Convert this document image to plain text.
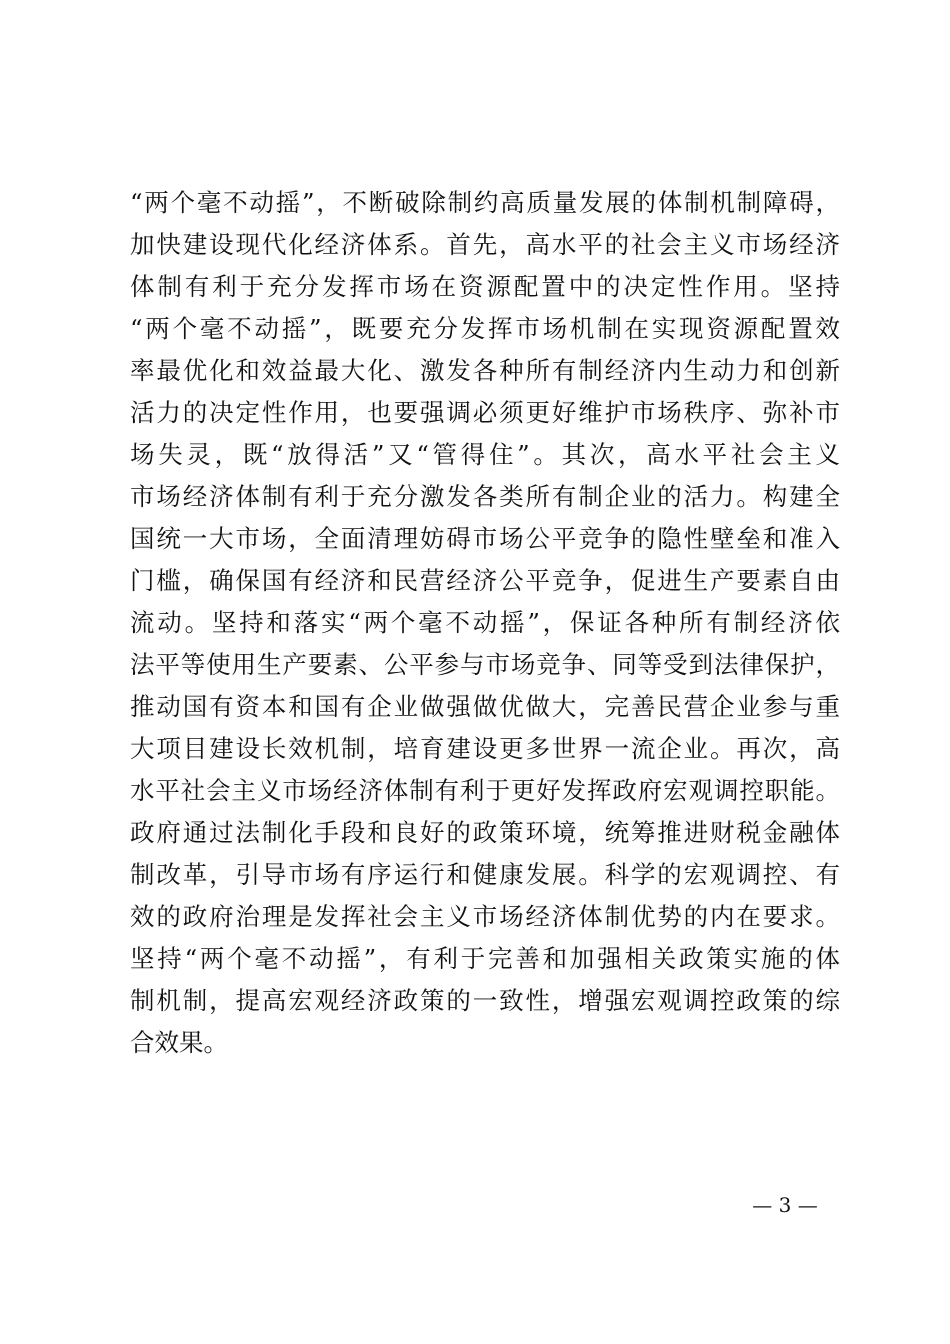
“两个毫不动摇”，不断破除制约高质量发展的体制机制障碍，
加快建设现代化经济体系。首先，高水平的社会主义市场经济
体制有利于充分发挥市场在资源配置中的决定性作用。坚持
“两个毫不动摇”，既要充分发挥市场机制在实现资源配置效
率最优化和效益最大化、激发各种所有制经济内生动力和创新
活力的决定性作用，也要强调必须更好维护市场秩序、弥补市
场失灵，既“放得活”又“管得住”。其次，高水平社会主义
市场经济体制有利于充分激发各类所有制企业的活力。构建全
国统一大市场，全面清理妨碍市场公平竞争的隐性壁垒和准入
门槛，确保国有经济和民营经济公平竞争，促进生产要素自由
流动。坚持和落实“两个毫不动摇”，保证各种所有制经济依
法平等使用生产要素、公平参与市场竞争、同等受到法律保护，
推动国有资本和国有企业做强做优做大，完善民营企业参与重
大项目建设长效机制，培育建设更多世界一流企业。再次，高
水平社会主义市场经济体制有利于更好发挥政府宏观调控职能。
政府通过法制化手段和良好的政策环境，统筹推进财税金融体
制改革，引导市场有序运行和健康发展。科学的宏观调控、有
效的政府治理是发挥社会主义市场经济体制优势的内在要求。
坚持“两个毫不动摇”，有利于完善和加强相关政策实施的体
制机制，提高宏观经济政策的一致性，增强宏观调控政策的综
合效果。
— 3 —
